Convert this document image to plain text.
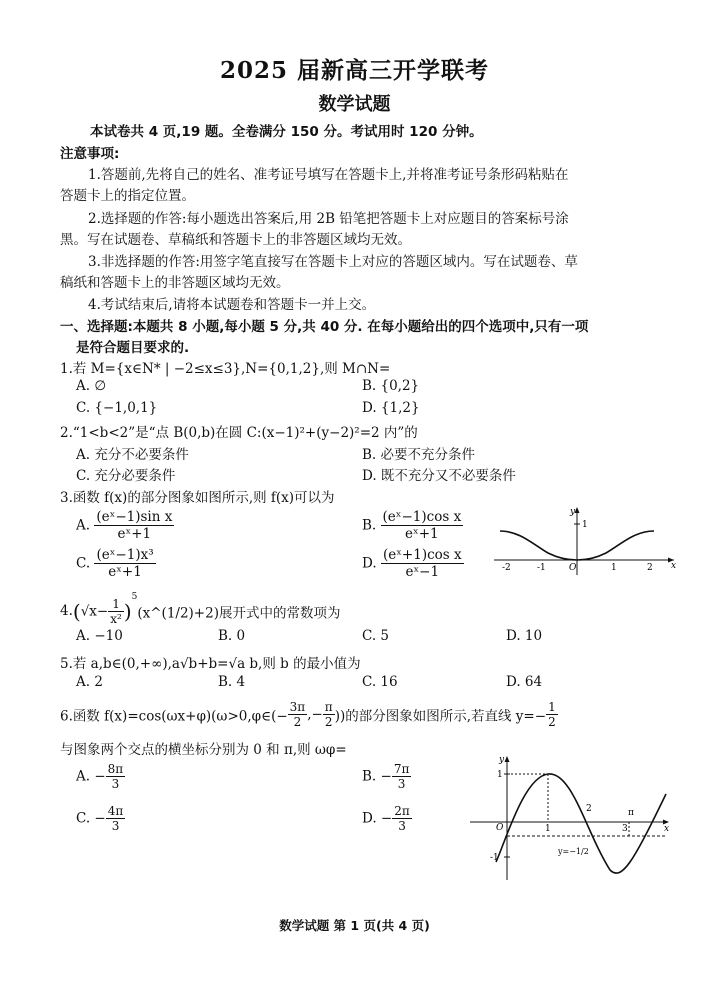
2025 届新高三开学联考
数学试题
本试卷共 4 页,19 题。全卷满分 150 分。考试用时 120 分钟。
注意事项:
1.答题前,先将自己的姓名、准考证号填写在答题卡上,并将准考证号条形码粘贴在
答题卡上的指定位置。
2.选择题的作答:每小题选出答案后,用 2B 铅笔把答题卡上对应题目的答案标号涂
黑。写在试题卷、草稿纸和答题卡上的非答题区域均无效。
3.非选择题的作答:用签字笔直接写在答题卡上对应的答题区域内。写在试题卷、草
稿纸和答题卡上的非答题区域均无效。
4.考试结束后,请将本试题卷和答题卡一并上交。
一、选择题:本题共 8 小题,每小题 5 分,共 40 分. 在每小题给出的四个选项中,只有一项
是符合题目要求的.
1.若 M={x∈N* | −2≤x≤3},N={0,1,2},则 M∩N=
A. ∅	B. {0,2}
C. {−1,0,1}	D. {1,2}
2.“1<b<2”是“点 B(0,b)在圆 C:(x−1)²+(y−2)²=2 内”的
A. 充分不必要条件	B. 必要不充分条件
C. 充分必要条件	D. 既不充分又不必要条件
3.函数 f(x)的部分图象如图所示,则 f(x)可以为
A. $\frac{\text{(eˣ−1)sin x}}{\text{eˣ+1}}$	B. $\frac{\text{(eˣ−1)cos x}}{\text{eˣ+1}}$
C. $\frac{\text{(eˣ−1)x³}}{\text{eˣ+1}}$	D. $\frac{\text{(eˣ+1)cos x}}{\text{eˣ−1}}$	x
y
1
O
-2	-1	1	2
$4.(√x- \frac{1}{\text{x²}}$ )$^5(x\^{}(1/2)+2)$展开式中的常数项为
A. −10	B. 0	C. 5	D. 10
5.若 a,b∈(0,+∞),a√b+b=√a b,则 b 的最小值为
A. 2	B. 4	C. 16	D. 64
6.函数 f(x)=cos(ωx+φ)(ω>0,φ∈(− $\frac{3\pi}{2}$ ,− $\frac{\pi}{2}$ ))的部分图象如图所示,若直线 $y=- \frac{1}{2}$
与图象两个交点的横坐标分别为 0 和 π,则 ωφ=
A. − $\frac{8\pi}{3}$	B. − $\frac{7\pi}{3}$
C. − $\frac{4\pi}{3}$	D. − $\frac{2\pi}{3}$	x
y
O	1
2	π
3
1
-1
y=−1/2
数学试题 第 1 页(共 4 页)
